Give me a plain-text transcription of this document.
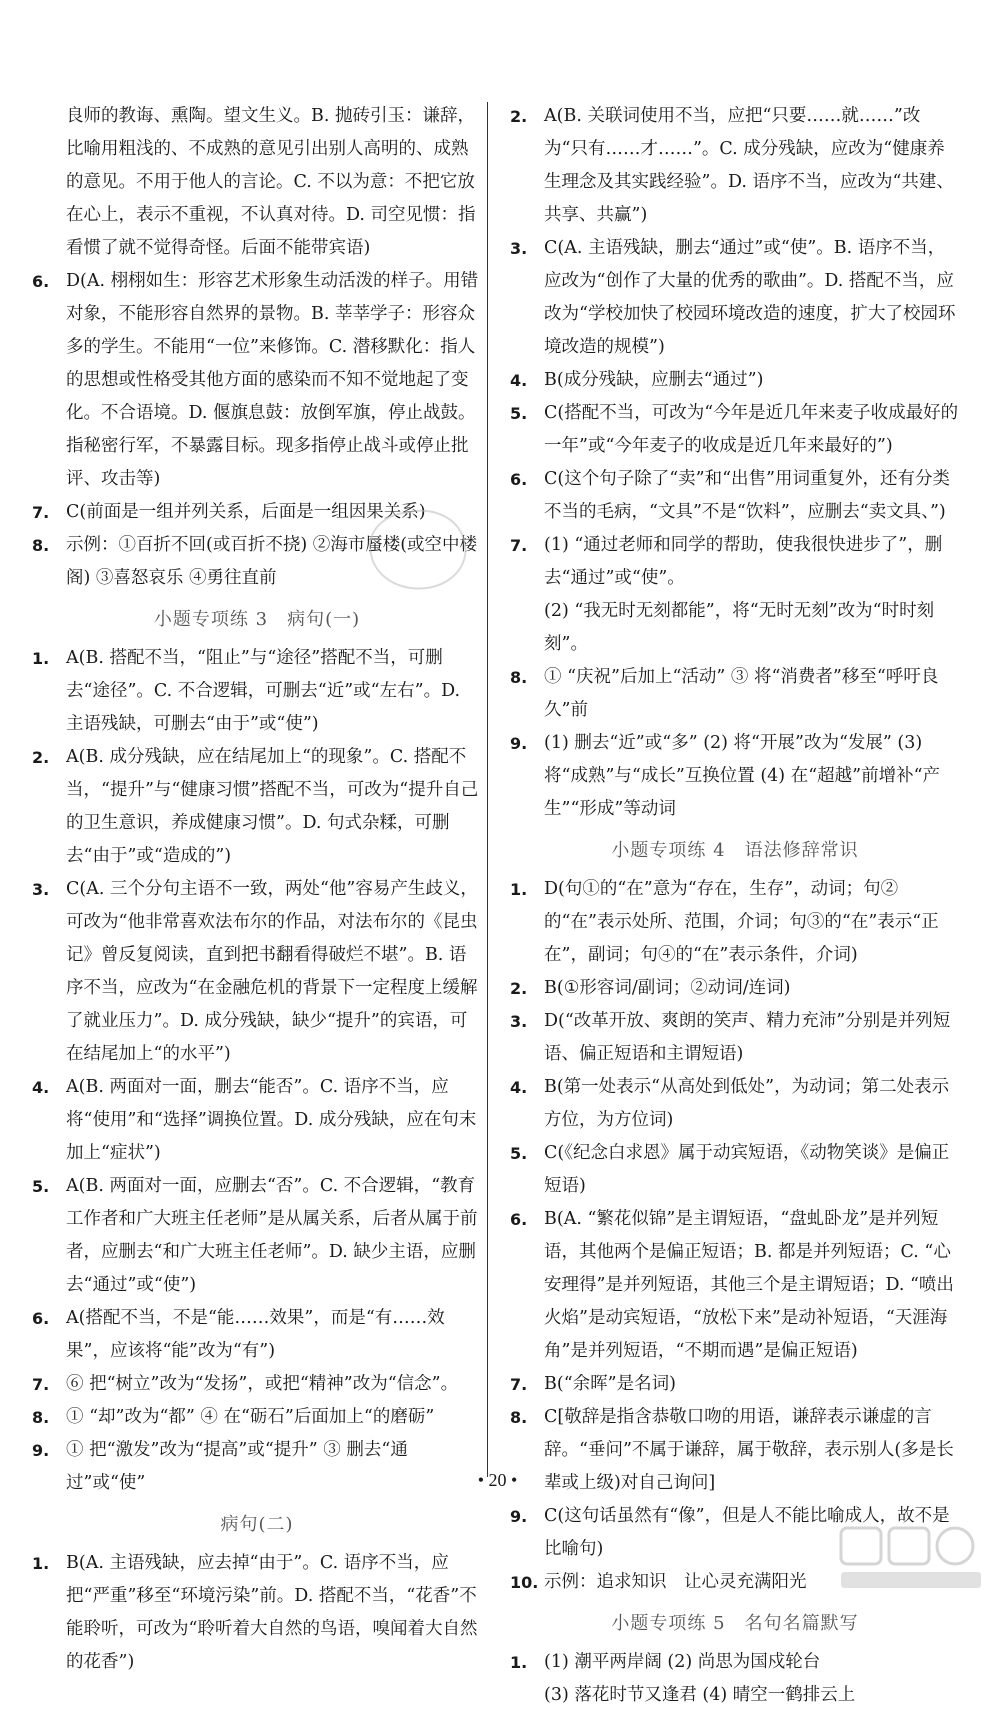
良师的教诲、熏陶。望文生义。B. 抛砖引玉：谦辞，比喻用粗浅的、不成熟的意见引出别人高明的、成熟的意见。不用于他人的言论。C. 不以为意：不把它放在心上，表示不重视，不认真对待。D. 司空见惯：指看惯了就不觉得奇怪。后面不能带宾语)

6. D(A. 栩栩如生：形容艺术形象生动活泼的样子。用错对象，不能形容自然界的景物。B. 莘莘学子：形容众多的学生。不能用“一位”来修饰。C. 潜移默化：指人的思想或性格受其他方面的感染而不知不觉地起了变化。不合语境。D. 偃旗息鼓：放倒军旗，停止战鼓。指秘密行军，不暴露目标。现多指停止战斗或停止批评、攻击等)

7. C(前面是一组并列关系，后面是一组因果关系)

8. 示例：①百折不回(或百折不挠) ②海市蜃楼(或空中楼阁) ③喜怒哀乐 ④勇往直前

小题专项练 3　病句(一)

1. A(B. 搭配不当，“阻止”与“途径”搭配不当，可删去“途径”。C. 不合逻辑，可删去“近”或“左右”。D. 主语残缺，可删去“由于”或“使”)

2. A(B. 成分残缺，应在结尾加上“的现象”。C. 搭配不当，“提升”与“健康习惯”搭配不当，可改为“提升自己的卫生意识，养成健康习惯”。D. 句式杂糅，可删去“由于”或“造成的”)

3. C(A. 三个分句主语不一致，两处“他”容易产生歧义，可改为“他非常喜欢法布尔的作品，对法布尔的《昆虫记》曾反复阅读，直到把书翻看得破烂不堪”。B. 语序不当，应改为“在金融危机的背景下一定程度上缓解了就业压力”。D. 成分残缺，缺少“提升”的宾语，可在结尾加上“的水平”)

4. A(B. 两面对一面，删去“能否”。C. 语序不当，应将“使用”和“选择”调换位置。D. 成分残缺，应在句末加上“症状”)

5. A(B. 两面对一面，应删去“否”。C. 不合逻辑，“教育工作者和广大班主任老师”是从属关系，后者从属于前者，应删去“和广大班主任老师”。D. 缺少主语，应删去“通过”或“使”)

6. A(搭配不当，不是“能……效果”，而是“有……效果”，应该将“能”改为“有”)

7. ⑥ 把“树立”改为“发扬”，或把“精神”改为“信念”。

8. ① “却”改为“都” ④ 在“砺石”后面加上“的磨砺”

9. ① 把“激发”改为“提高”或“提升” ③ 删去“通过”或“使”

病句(二)

1. B(A. 主语残缺，应去掉“由于”。C. 语序不当，应把“严重”移至“环境污染”前。D. 搭配不当，“花香”不能聆听，可改为“聆听着大自然的鸟语，嗅闻着大自然的花香”)

2. A(B. 关联词使用不当，应把“只要……就……”改为“只有……才……”。C. 成分残缺，应改为“健康养生理念及其实践经验”。D. 语序不当，应改为“共建、共享、共赢”)

3. C(A. 主语残缺，删去“通过”或“使”。B. 语序不当，应改为“创作了大量的优秀的歌曲”。D. 搭配不当，应改为“学校加快了校园环境改造的速度，扩大了校园环境改造的规模”)

4. B(成分残缺，应删去“通过”)

5. C(搭配不当，可改为“今年是近几年来麦子收成最好的一年”或“今年麦子的收成是近几年来最好的”)

6. C(这个句子除了“卖”和“出售”用词重复外，还有分类不当的毛病，“文具”不是“饮料”，应删去“卖文具、”)

7. (1) “通过老师和同学的帮助，使我很快进步了”，删去“通过”或“使”。

(2) “我无时无刻都能”，将“无时无刻”改为“时时刻刻”。

8. ① “庆祝”后加上“活动” ③ 将“消费者”移至“呼吁良久”前

9. (1) 删去“近”或“多” (2) 将“开展”改为“发展” (3) 将“成熟”与“成长”互换位置 (4) 在“超越”前增补“产生”“形成”等动词

小题专项练 4　语法修辞常识

1. D(句①的“在”意为“存在，生存”，动词；句②的“在”表示处所、范围，介词；句③的“在”表示“正在”，副词；句④的“在”表示条件，介词)

2. B(①形容词/副词；②动词/连词)

3. D(“改革开放、爽朗的笑声、精力充沛”分别是并列短语、偏正短语和主谓短语)

4. B(第一处表示“从高处到低处”，为动词；第二处表示方位，为方位词)

5. C(《纪念白求恩》属于动宾短语，《动物笑谈》是偏正短语)

6. B(A. “繁花似锦”是主谓短语，“盘虬卧龙”是并列短语，其他两个是偏正短语；B. 都是并列短语；C. “心安理得”是并列短语，其他三个是主谓短语；D. “喷出火焰”是动宾短语，“放松下来”是动补短语，“天涯海角”是并列短语，“不期而遇”是偏正短语)

7. B(“余晖”是名词)

8. C[敬辞是指含恭敬口吻的用语，谦辞表示谦虚的言辞。“垂问”不属于谦辞，属于敬辞，表示别人(多是长辈或上级)对自己询问]

9. C(这句话虽然有“像”，但是人不能比喻成人，故不是比喻句)

10. 示例：追求知识　让心灵充满阳光

小题专项练 5　名句名篇默写

1. (1) 潮平两岸阔 (2) 尚思为国戍轮台

(3) 落花时节又逢君 (4) 晴空一鹤排云上

• 20 •
